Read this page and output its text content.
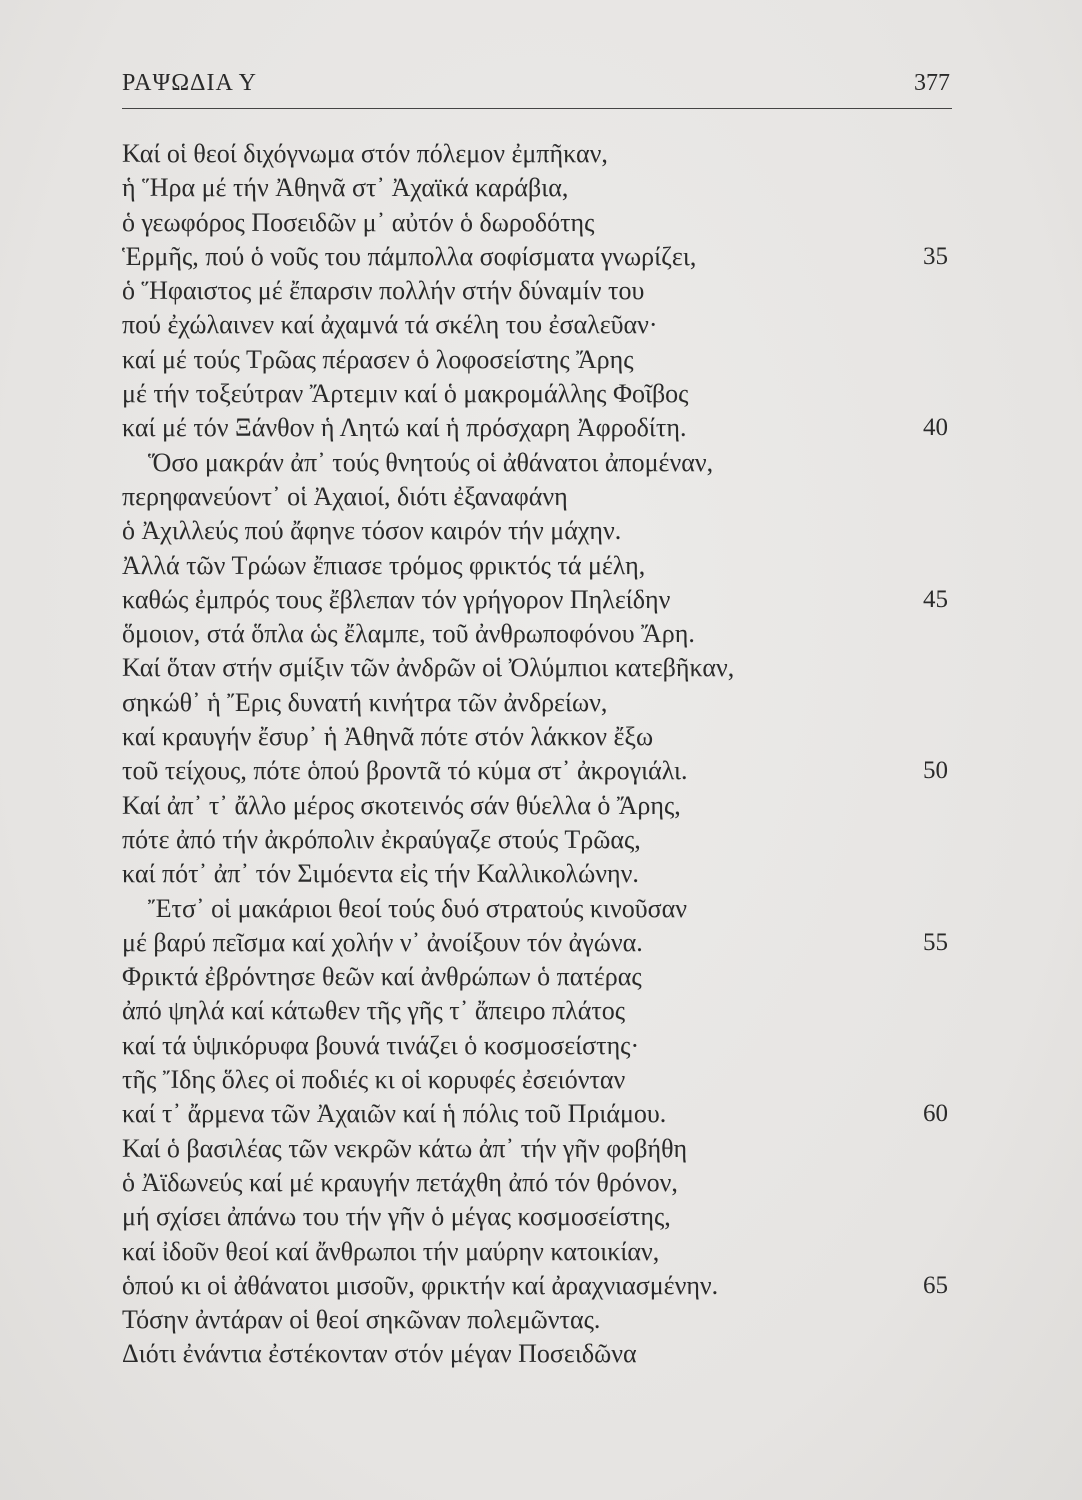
ΡΑΨΩΔΙΑ Υ	377
Καί οἱ θεοί διχόγνωμα στόν πόλεμον ἐμπῆκαν,
ἡ Ἥρα μέ τήν Ἀθηνᾶ στ᾽ Ἀχαϊκά καράβια,
ὁ γεωφόρος Ποσειδῶν μ᾽ αὐτόν ὁ δωροδότης
Ἑρμῆς, πού ὁ νοῦς του πάμπολλα σοφίσματα γνωρίζει,	35
ὁ Ἥφαιστος μέ ἔπαρσιν πολλήν στήν δύναμίν του
πού ἐχώλαινεν καί ἀχαμνά τά σκέλη του ἐσαλεῦαν·
καί μέ τούς Τρῶας πέρασεν ὁ λοφοσείστης Ἄρης
μέ τήν τοξεύτραν Ἄρτεμιν καί ὁ μακρομάλλης Φοῖβος
καί μέ τόν Ξάνθον ἡ Λητώ καί ἡ πρόσχαρη Ἀφροδίτη.	40
Ὅσο μακράν ἀπ᾽ τούς θνητούς οἱ ἀθάνατοι ἀπομέναν,
περηφανεύοντ᾽ οἱ Ἀχαιοί, διότι ἐξαναφάνη
ὁ Ἀχιλλεύς πού ἄφηνε τόσον καιρόν τήν μάχην.
Ἀλλά τῶν Τρώων ἔπιασε τρόμος φρικτός τά μέλη,
καθώς ἐμπρός τους ἔβλεπαν τόν γρήγορον Πηλείδην	45
ὅμοιον, στά ὅπλα ὡς ἔλαμπε, τοῦ ἀνθρωποφόνου Ἄρη.
Καί ὅταν στήν σμίξιν τῶν ἀνδρῶν οἱ Ὀλύμπιοι κατεβῆκαν,
σηκώθ᾽ ἡ Ἔρις δυνατή κινήτρα τῶν ἀνδρείων,
καί κραυγήν ἔσυρ᾽ ἡ Ἀθηνᾶ πότε στόν λάκκον ἔξω
τοῦ τείχους, πότε ὁπού βροντᾶ τό κύμα στ᾽ ἀκρογιάλι.	50
Καί ἀπ᾽ τ᾽ ἄλλο μέρος σκοτεινός σάν θύελλα ὁ Ἄρης,
πότε ἀπό τήν ἀκρόπολιν ἐκραύγαζε στούς Τρῶας,
καί πότ᾽ ἀπ᾽ τόν Σιμόεντα εἰς τήν Καλλικολώνην.
Ἔτσ᾽ οἱ μακάριοι θεοί τούς δυό στρατούς κινοῦσαν
μέ βαρύ πεῖσμα καί χολήν ν᾽ ἀνοίξουν τόν ἀγώνα.	55
Φρικτά ἐβρόντησε θεῶν καί ἀνθρώπων ὁ πατέρας
ἀπό ψηλά καί κάτωθεν τῆς γῆς τ᾽ ἄπειρο πλάτος
καί τά ὑψικόρυφα βουνά τινάζει ὁ κοσμοσείστης·
τῆς Ἴδης ὅλες οἱ ποδιές κι οἱ κορυφές ἐσειόνταν
καί τ᾽ ἄρμενα τῶν Ἀχαιῶν καί ἡ πόλις τοῦ Πριάμου.	60
Καί ὁ βασιλέας τῶν νεκρῶν κάτω ἀπ᾽ τήν γῆν φοβήθη
ὁ Ἀϊδωνεύς καί μέ κραυγήν πετάχθη ἀπό τόν θρόνον,
μή σχίσει ἀπάνω του τήν γῆν ὁ μέγας κοσμοσείστης,
καί ἰδοῦν θεοί καί ἄνθρωποι τήν μαύρην κατοικίαν,
ὁπού κι οἱ ἀθάνατοι μισοῦν, φρικτήν καί ἀραχνιασμένην.	65
Τόσην ἀντάραν οἱ θεοί σηκῶναν πολεμῶντας.
Διότι ἐνάντια ἐστέκονταν στόν μέγαν Ποσειδῶνα
